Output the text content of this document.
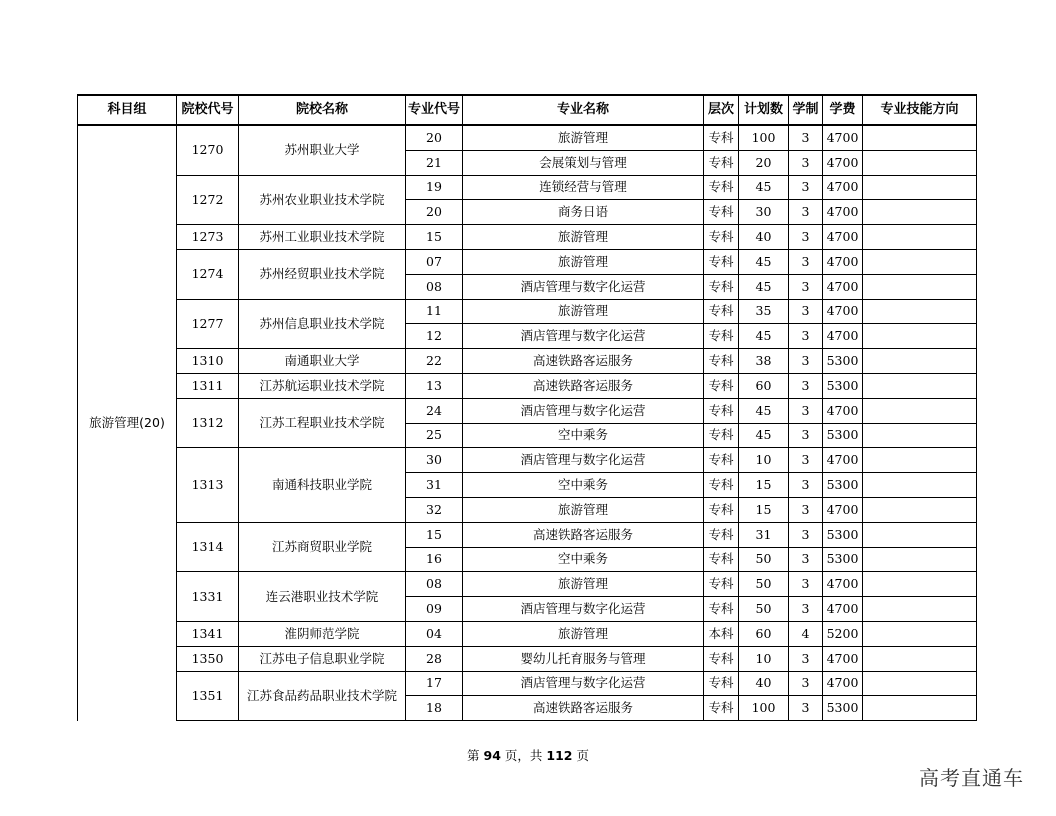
科目组	院校代号	院校名称	专业代号	专业名称	层次	计划数	学制	学费	专业技能方向
旅游管理(20)	1270	苏州职业大学	20	旅游管理	专科	100	3	4700	
			21	会展策划与管理	专科	20	3	4700	
	1272	苏州农业职业技术学院	19	连锁经营与管理	专科	45	3	4700	
			20	商务日语	专科	30	3	4700	
	1273	苏州工业职业技术学院	15	旅游管理	专科	40	3	4700	
	1274	苏州经贸职业技术学院	07	旅游管理	专科	45	3	4700	
			08	酒店管理与数字化运营	专科	45	3	4700	
	1277	苏州信息职业技术学院	11	旅游管理	专科	35	3	4700	
			12	酒店管理与数字化运营	专科	45	3	4700	
	1310	南通职业大学	22	高速铁路客运服务	专科	38	3	5300	
	1311	江苏航运职业技术学院	13	高速铁路客运服务	专科	60	3	5300	
	1312	江苏工程职业技术学院	24	酒店管理与数字化运营	专科	45	3	4700	
			25	空中乘务	专科	45	3	5300	
	1313	南通科技职业学院	30	酒店管理与数字化运营	专科	10	3	4700	
			31	空中乘务	专科	15	3	5300	
			32	旅游管理	专科	15	3	4700	
	1314	江苏商贸职业学院	15	高速铁路客运服务	专科	31	3	5300	
			16	空中乘务	专科	50	3	5300	
	1331	连云港职业技术学院	08	旅游管理	专科	50	3	4700	
			09	酒店管理与数字化运营	专科	50	3	4700	
	1341	淮阴师范学院	04	旅游管理	本科	60	4	5200	
	1350	江苏电子信息职业学院	28	婴幼儿托育服务与管理	专科	10	3	4700	
	1351	江苏食品药品职业技术学院	17	酒店管理与数字化运营	专科	40	3	4700	
			18	高速铁路客运服务	专科	100	3	5300	
第 94 页，共 112 页
高考直通车
